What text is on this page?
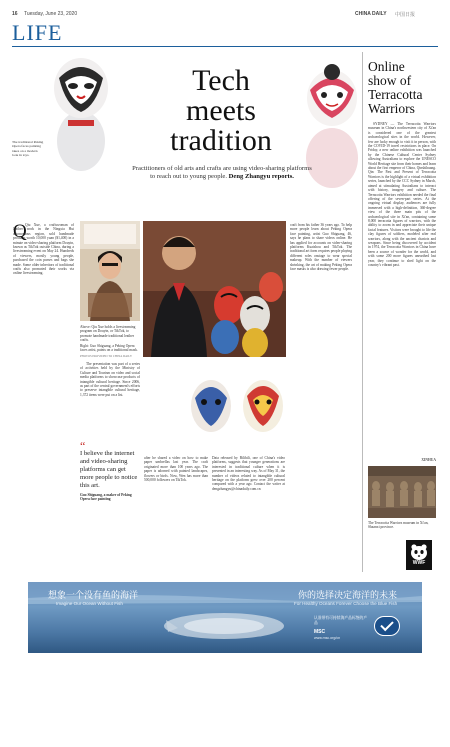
16 Tuesday, June 23, 2020	CHINA DAILY 中国日报
LIFE
The traditional Peking Opera faces painting takes on a modern look in toys.
Tech
meets
tradition
Practitioners of old arts and crafts are using video-sharing platforms to reach out to young people. Deng Zhangyu reports.
Q
Qiu Xue, a craftswoman of leather work in the Ningxia Hui autonomous region, sold handmade products worth 10,000 yuan ($1,400) in a minute on video-sharing platform Douyin, known as TikTok outside China, during a livestreaming event on May 24. Hundreds of viewers, mostly young people, purchased the coin purses and bags she made. Some older inheritors of traditional crafts also promoted their works via online livestreaming.
Above: Qiu Xue holds a livestreaming program on Douyin, or TikTok, to promote handmade traditional leather crafts.
Right: Guo Shiguang, a Peking Opera faces artist, paints on a traditional mask.
PHOTOS PROVIDED TO CHINA DAILY
The presentation was part of a series of activities held by the Ministry of Culture and Tourism on video and social media platforms to showcase products of intangible cultural heritage. Since 2006, as part of the central government's efforts to preserve intangible cultural heritage, 1,372 items were put on a list.
“
I believe the internet and video-sharing platforms can get more people to notice this art.
Guo Shiguang, a maker of Peking Opera face painting
after he shared a video on how to make paper umbrellas last year. The craft originated more than 100 years ago. The paper is adorned with painted landscapes, flowers or birds. Now, Wen has more than 500,000 followers on TikTok.
craft from his father 36 years ago. To help more people learn about Peking Opera face painting, artist Guo Shiguang, 46, says he plans to share videos online. He has applied for accounts on video-sharing platforms Kuaishou and TikTok. The traditional art form requires people playing different roles onstage to wear special makeup. With the number of viewers shrinking, the art of making Peking Opera face masks is also drawing fewer people.
Data released by Bilibili, one of China's video platforms, suggests that younger generations are interested in traditional culture when it is presented in an interesting way. As of May 31, the number of videos related to intangible cultural heritage on the platform grew over 200 percent compared with a year ago. Contact the writer at dengzhangyu@chinadaily.com.cn
Online show of Terracotta Warriors
SYDNEY — The Terracotta Warriors museum in China's northwestern city of Xi'an is considered one of the greatest archaeological sites in the world. However, few are lucky enough to visit it in person, with the COVID-19 travel restrictions in place. On Friday, a new online exhibition was launched by the Chinese Cultural Center Sydney allowing Australians to explore the UNESCO World Heritage site from their homes and learn about the first emperor of China, Qinshihuang. Qin: The Past and Present of Terracotta Warriors is the highlight of a virtual exhibition series, launched by the CCC Sydney in March, aimed at stimulating Australians to interact with history, imagery and culture. The Terracotta Warriors exhibition needed the final offering of the seven-part series. At the ongoing virtual display, audiences are fully immersed with a high-definition, 360-degree view of the three main pits of the archaeological site in Xi'an, containing some 8,000 terracotta figures of warriors, with the ability to zoom in and appreciate their unique facial features. Visitors were brought to life the clay figures of soldiers, modeled after real warriors, along with the ancient chariots and weapons. Since being discovered by accident in 1974, the Terracotta Warriors in China have been a source of wonder for the world, and with some 200 more figures unearthed last year, they continue to shed light on the country's vibrant past.
XINHUA
The Terracotta Warriors museum in Xi'an, Shaanxi province.
想象一个没有鱼的海洋
Imagine Our Ocean Without Fish
你的选择决定海洋的未来
For Healthy Oceans Forever Choose the Blue Fish
认准带有可持续海产品标签的产品
MSC
www.msc.org/cn
WWF
